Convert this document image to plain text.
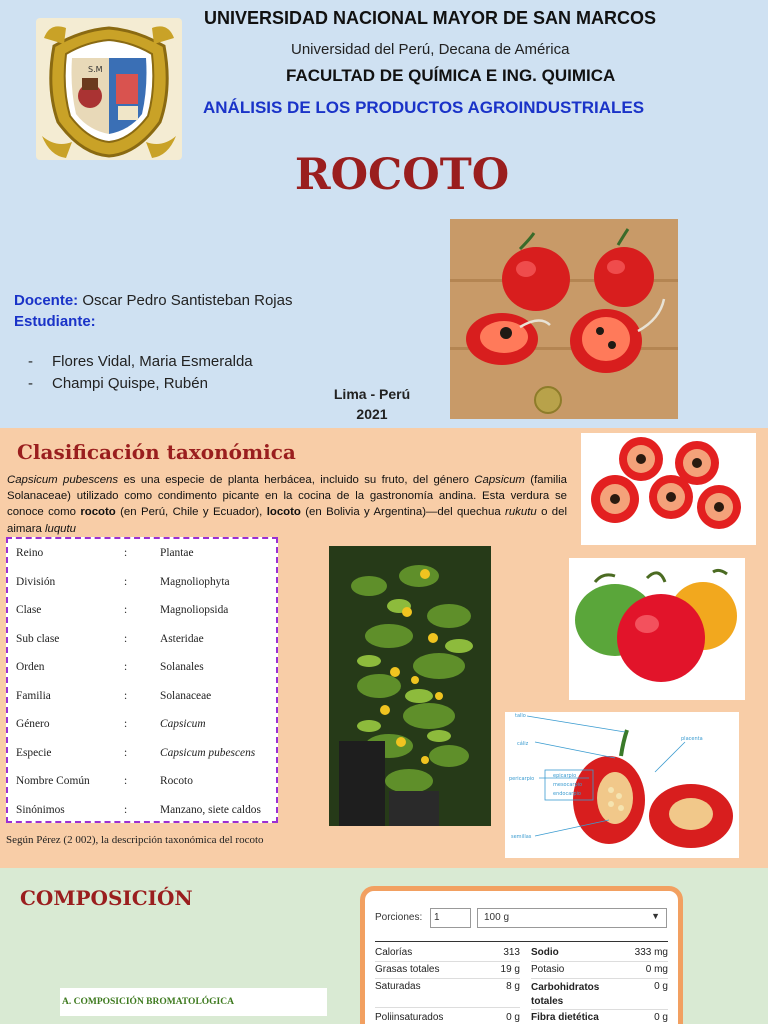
S.M
UNIVERSIDAD NACIONAL MAYOR DE SAN MARCOS
Universidad del Perú, Decana de América
FACULTAD DE QUÍMICA E ING. QUIMICA
ANÁLISIS DE LOS PRODUCTOS AGROINDUSTRIALES
ROCOTO
Docente: Oscar Pedro Santisteban Rojas
Estudiante:
- Flores Vidal, Maria Esmeralda
- Champi Quispe, Rubén
Lima - Perú
2021
Clasificación taxonómica
Capsicum pubescens es una especie de planta herbácea, incluido su fruto, del género Capsicum (familia Solanaceae) utilizado como condimento picante en la cocina de la gastronomía andina. Esta verdura se conoce como rocoto (en Perú, Chile y Ecuador), locoto (en Bolivia y Argentina)—del quechua rukutu o del aimara luqutu
Reino	:	Plantae
División	:	Magnoliophyta
Clase	:	Magnoliopsida
Sub clase	:	Asteridae
Orden	:	Solanales
Familia	:	Solanaceae
Género	:	Capsicum
Especie	:	Capsicum pubescens
Nombre Común	:	Rocoto
Sinónimos	:	Manzano, siete caldos
Según Pérez (2 002), la descripción taxonómica del rocoto
tallo
cáliz
placenta
pericarpio	epicarpio
mesocarpio
endocarpio
semillas
COMPOSICIÓN
A. COMPOSICIÓN BROMATOLÓGICA
Porciones:	1	100 g	▼
Calorías	313
Grasas totales	19 g
Saturadas	8 g
Poliinsaturados	0 g
Sodio	333 mg
Potasio	0 mg
Carbohidratos totales
0 g
Fibra dietética	0 g
